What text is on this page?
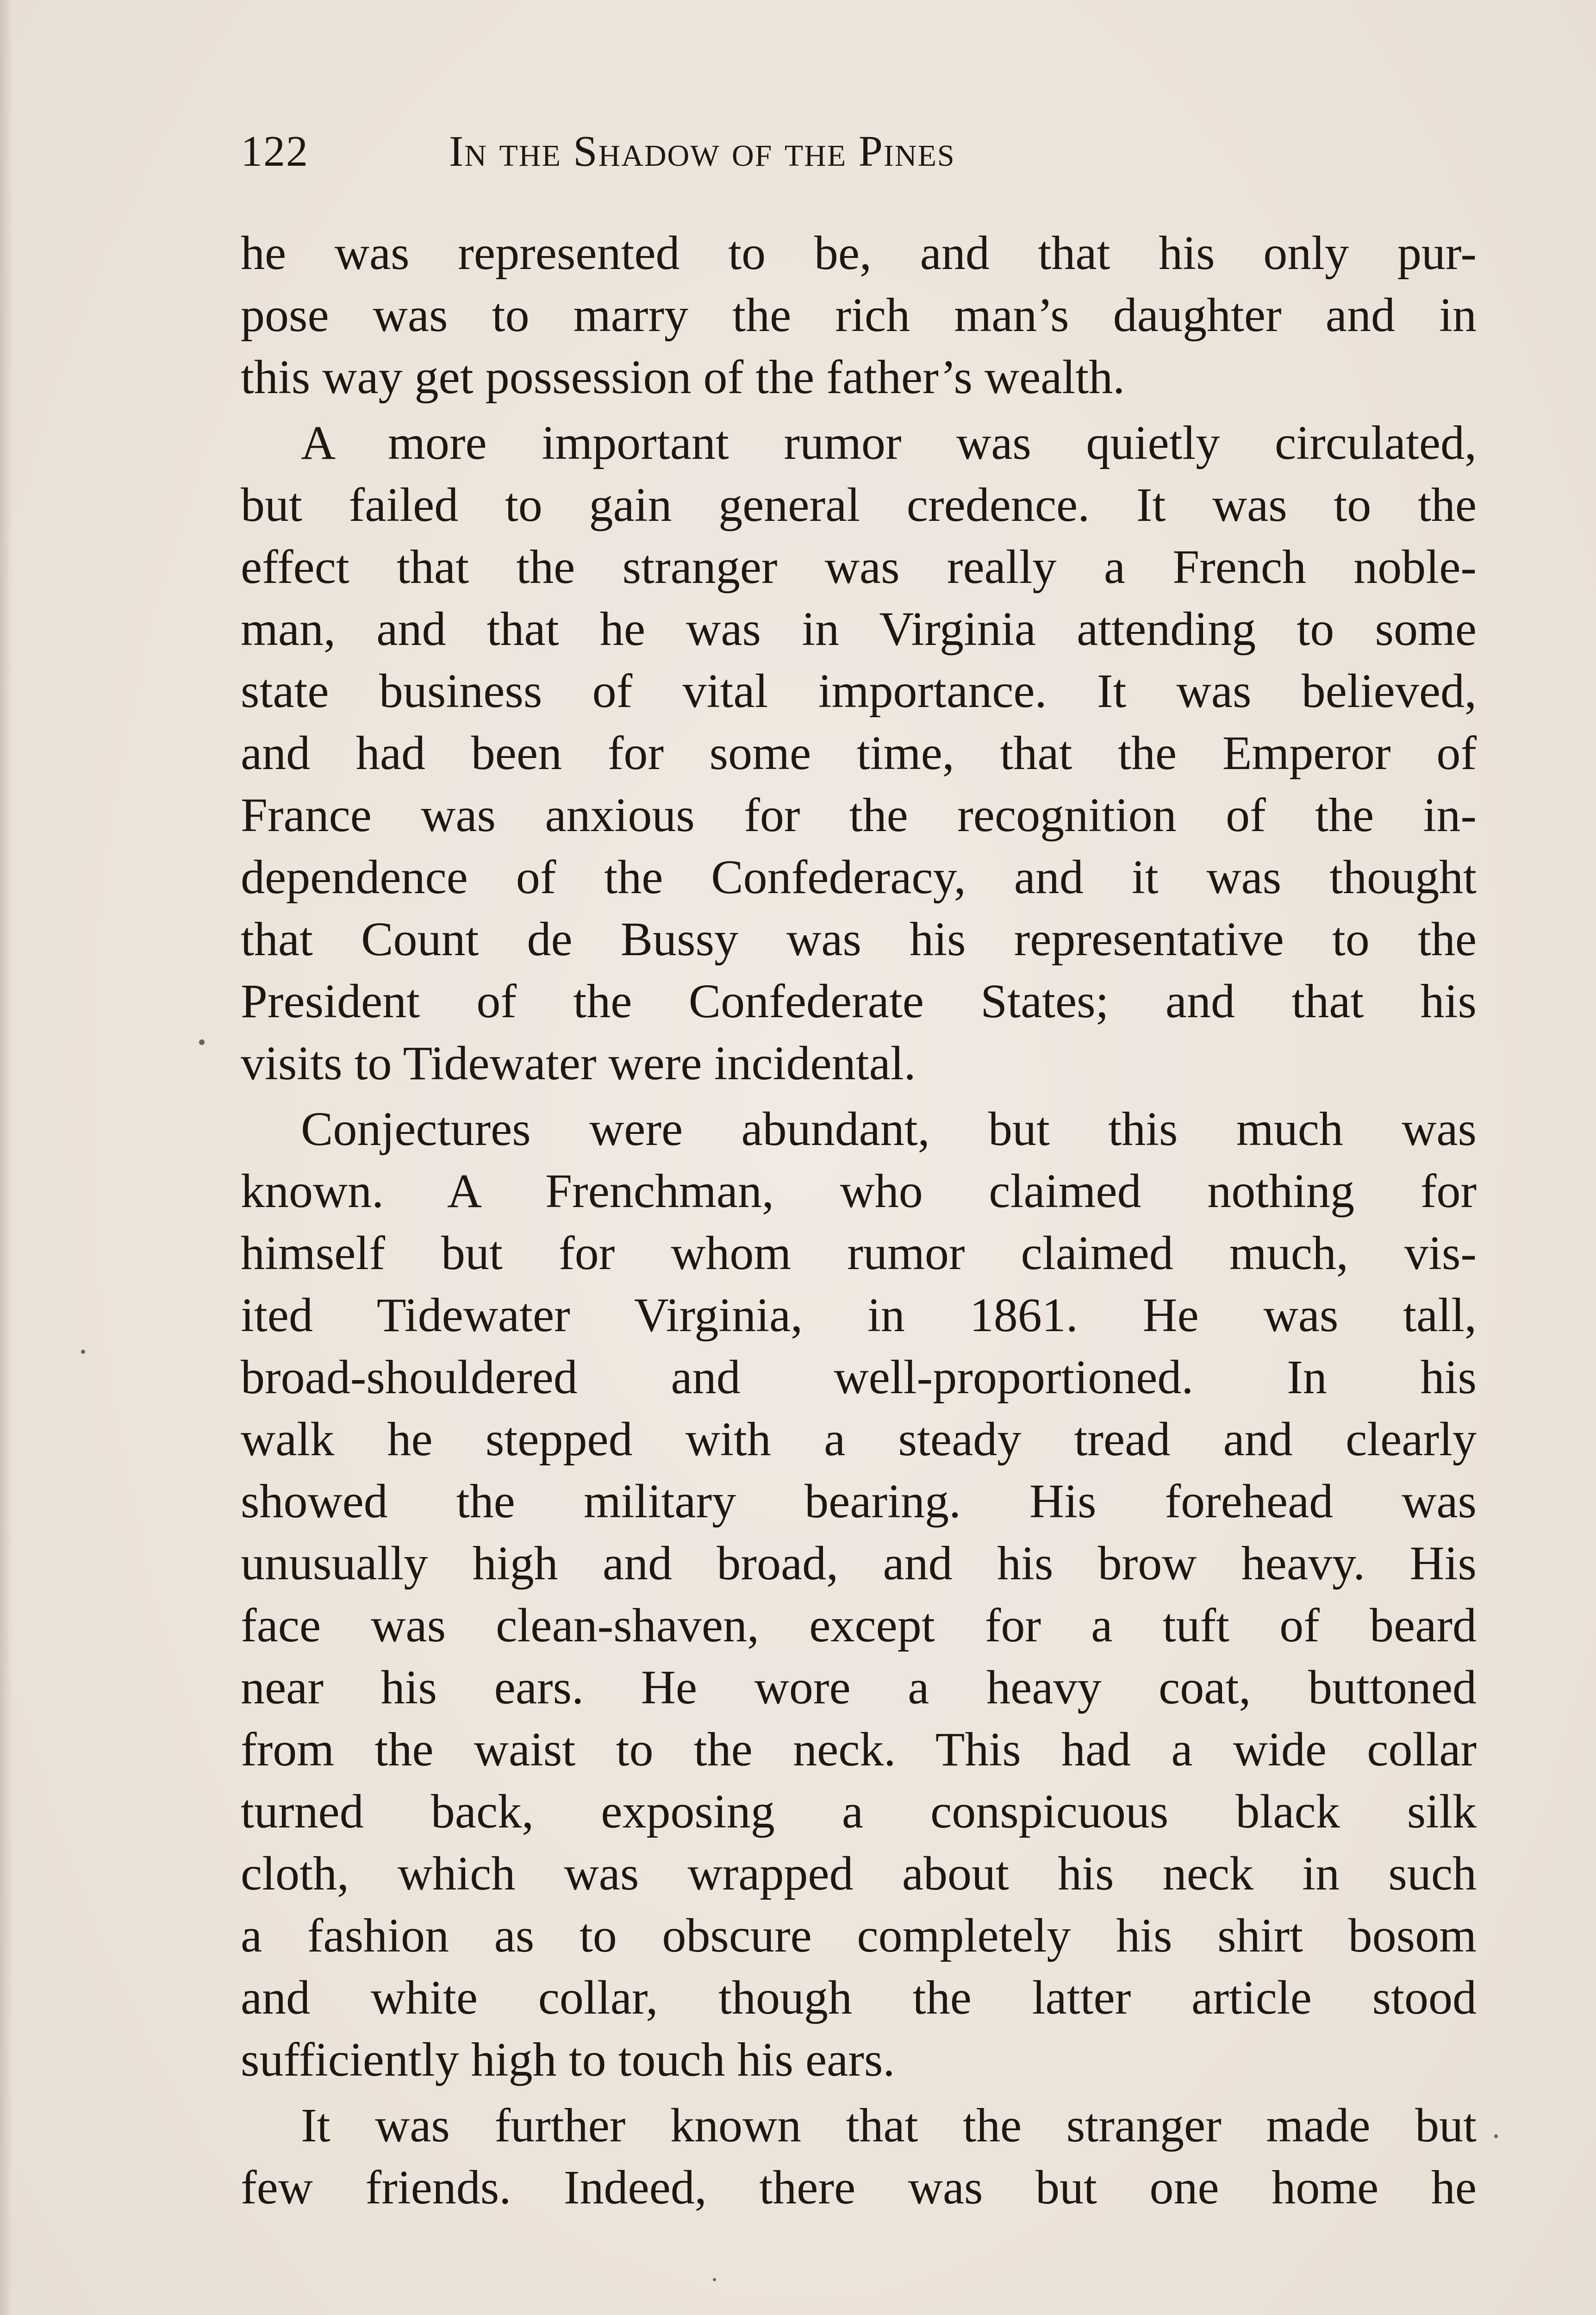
122	In the Shadow of the Pines
he was represented to be, and that his only pur-
pose was to marry the rich man’s daughter and in
this way get possession of the father’s wealth.
A more important rumor was quietly circulated,
but failed to gain general credence. It was to the
effect that the stranger was really a French noble-
man, and that he was in Virginia attending to some
state business of vital importance. It was believed,
and had been for some time, that the Emperor of
France was anxious for the recognition of the in-
dependence of the Confederacy, and it was thought
that Count de Bussy was his representative to the
President of the Confederate States; and that his
visits to Tidewater were incidental.
Conjectures were abundant, but this much was
known. A Frenchman, who claimed nothing for
himself but for whom rumor claimed much, vis-
ited Tidewater Virginia, in 1861. He was tall,
broad-shouldered and well-proportioned. In his
walk he stepped with a steady tread and clearly
showed the military bearing. His forehead was
unusually high and broad, and his brow heavy. His
face was clean-shaven, except for a tuft of beard
near his ears. He wore a heavy coat, buttoned
from the waist to the neck. This had a wide collar
turned back, exposing a conspicuous black silk
cloth, which was wrapped about his neck in such
a fashion as to obscure completely his shirt bosom
and white collar, though the latter article stood
sufficiently high to touch his ears.
It was further known that the stranger made but
few friends. Indeed, there was but one home he
